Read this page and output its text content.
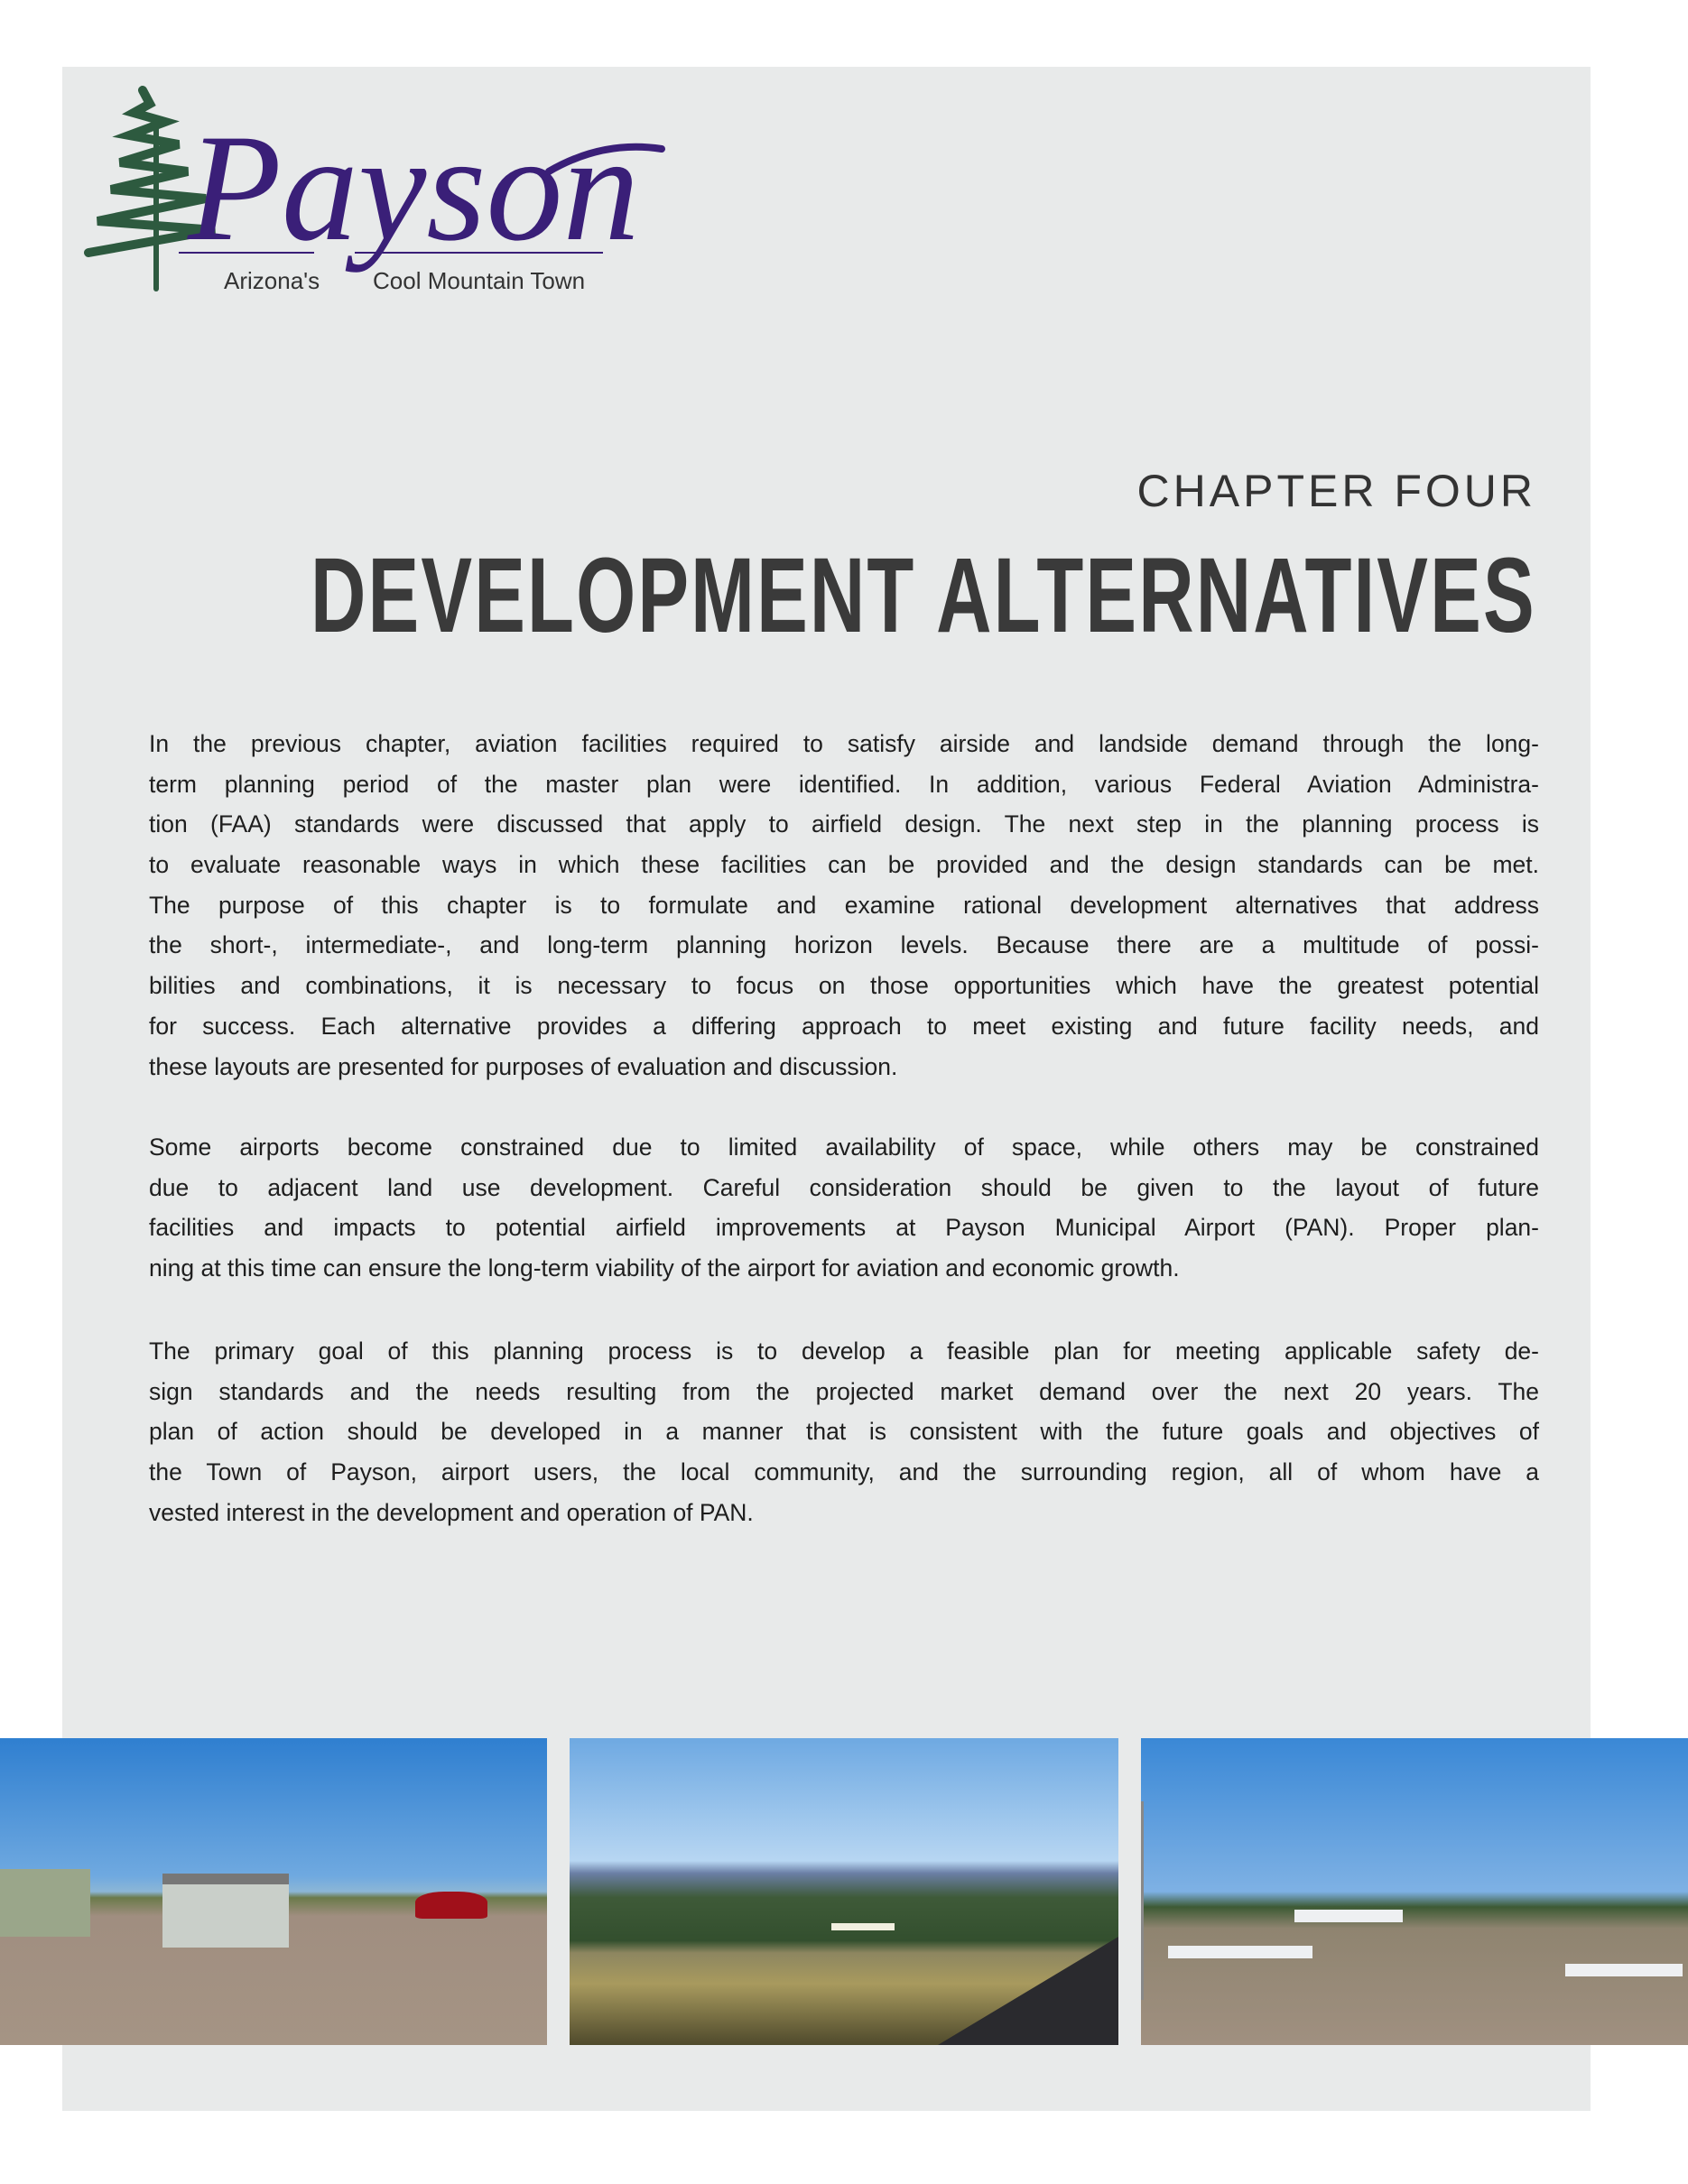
Payson
Arizona's Cool Mountain Town
CHAPTER FOUR
DEVELOPMENT ALTERNATIVES
In the previous chapter, aviation facilities required to satisfy airside and landside demand through the long-
term planning period of the master plan were identified. In addition, various Federal Aviation Administra-
tion (FAA) standards were discussed that apply to airfield design. The next step in the planning process is
to evaluate reasonable ways in which these facilities can be provided and the design standards can be met.
The purpose of this chapter is to formulate and examine rational development alternatives that address
the short-, intermediate-, and long-term planning horizon levels. Because there are a multitude of possi-
bilities and combinations, it is necessary to focus on those opportunities which have the greatest potential
for success. Each alternative provides a differing approach to meet existing and future facility needs, and
these layouts are presented for purposes of evaluation and discussion.
Some airports become constrained due to limited availability of space, while others may be constrained
due to adjacent land use development. Careful consideration should be given to the layout of future
facilities and impacts to potential airfield improvements at Payson Municipal Airport (PAN). Proper plan-
ning at this time can ensure the long-term viability of the airport for aviation and economic growth.
The primary goal of this planning process is to develop a feasible plan for meeting applicable safety de-
sign standards and the needs resulting from the projected market demand over the next 20 years. The
plan of action should be developed in a manner that is consistent with the future goals and objectives of
the Town of Payson, airport users, the local community, and the surrounding region, all of whom have a
vested interest in the development and operation of PAN.
